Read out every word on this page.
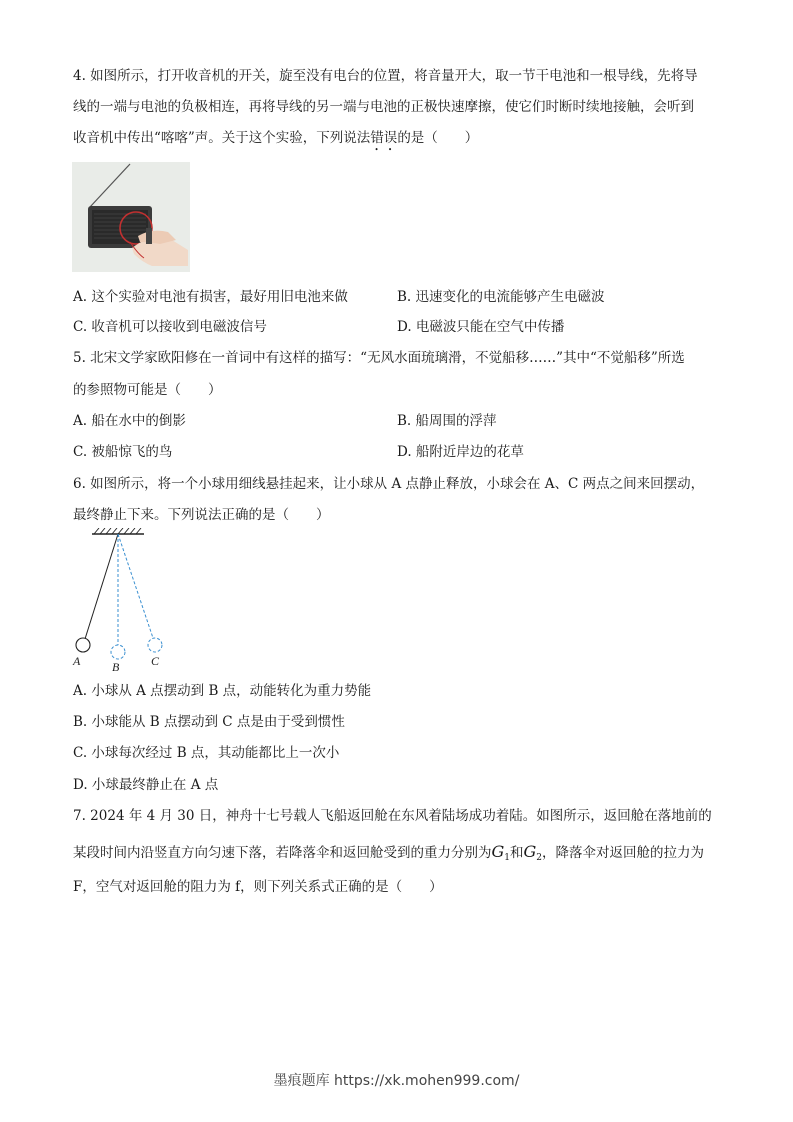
4. 如图所示，打开收音机的开关，旋至没有电台的位置，将音量开大，取一节干电池和一根导线，先将导
线的一端与电池的负极相连，再将导线的另一端与电池的正极快速摩擦，使它们时断时续地接触，会听到
收音机中传出“喀喀”声。关于这个实验，下列说法错误的是（　　）
A. 这个实验对电池有损害，最好用旧电池来做	B. 迅速变化的电流能够产生电磁波
C. 收音机可以接收到电磁波信号	D. 电磁波只能在空气中传播
5. 北宋文学家欧阳修在一首词中有这样的描写：“无风水面琉璃滑，不觉船移……”其中“不觉船移”所选
的参照物可能是（　　）
A. 船在水中的倒影	B. 船周围的浮萍
C. 被船惊飞的鸟	D. 船附近岸边的花草
6. 如图所示，将一个小球用细线悬挂起来，让小球从 A 点静止释放，小球会在 A、C 两点之间来回摆动，
最终静止下来。下列说法正确的是（　　）
A	B	C
A. 小球从 A 点摆动到 B 点，动能转化为重力势能
B. 小球能从 B 点摆动到 C 点是由于受到惯性
C. 小球每次经过 B 点，其动能都比上一次小
D. 小球最终静止在 A 点
7. 2024 年 4 月 30 日，神舟十七号载人飞船返回舱在东风着陆场成功着陆。如图所示，返回舱在落地前的
某段时间内沿竖直方向匀速下落，若降落伞和返回舱受到的重力分别为$G_1$和$G_2$，降落伞对返回舱的拉力为
F，空气对返回舱的阻力为 f，则下列关系式正确的是（　　）
墨痕题库 https://xk.mohen999.com/
